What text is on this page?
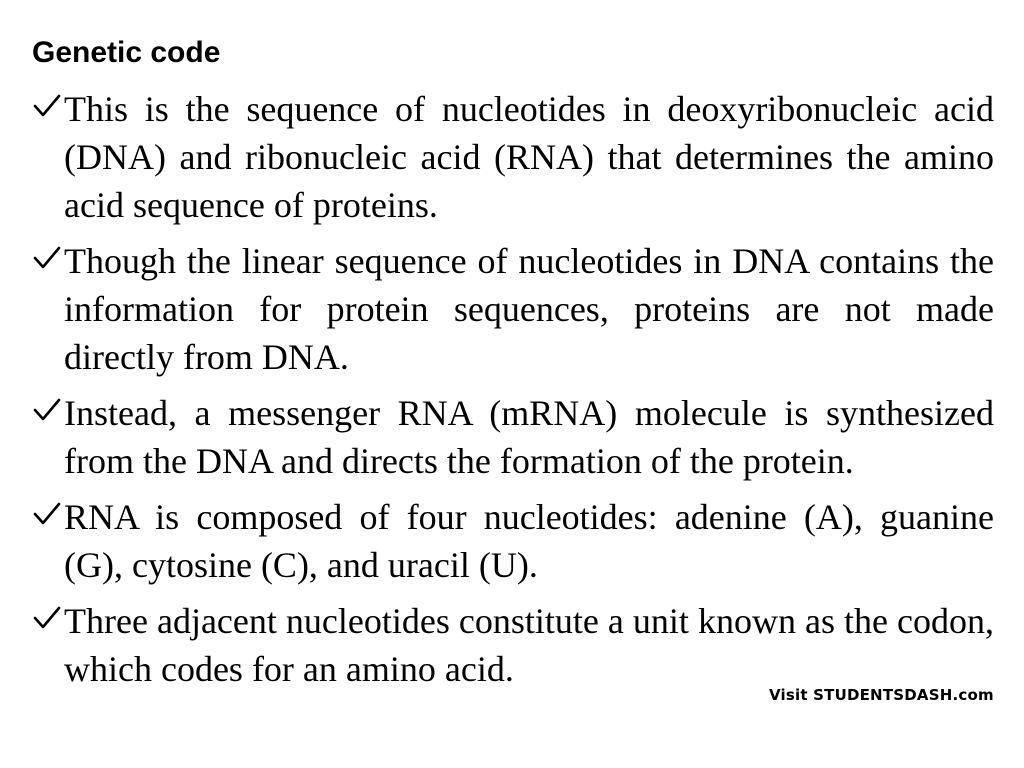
Genetic code
This is the sequence of nucleotides in deoxyribonucleic acid (DNA) and ribonucleic acid (RNA) that determines the amino acid sequence of proteins.
Though the linear sequence of nucleotides in DNA contains the information for protein sequences, proteins are not made directly from DNA.
Instead, a messenger RNA (mRNA) molecule is synthesized from the DNA and directs the formation of the protein.
RNA is composed of four nucleotides: adenine (A), guanine (G), cytosine (C), and uracil (U).
Three adjacent nucleotides constitute a unit known as the codon, which codes for an amino acid.
Visit STUDENTSDASH.com
